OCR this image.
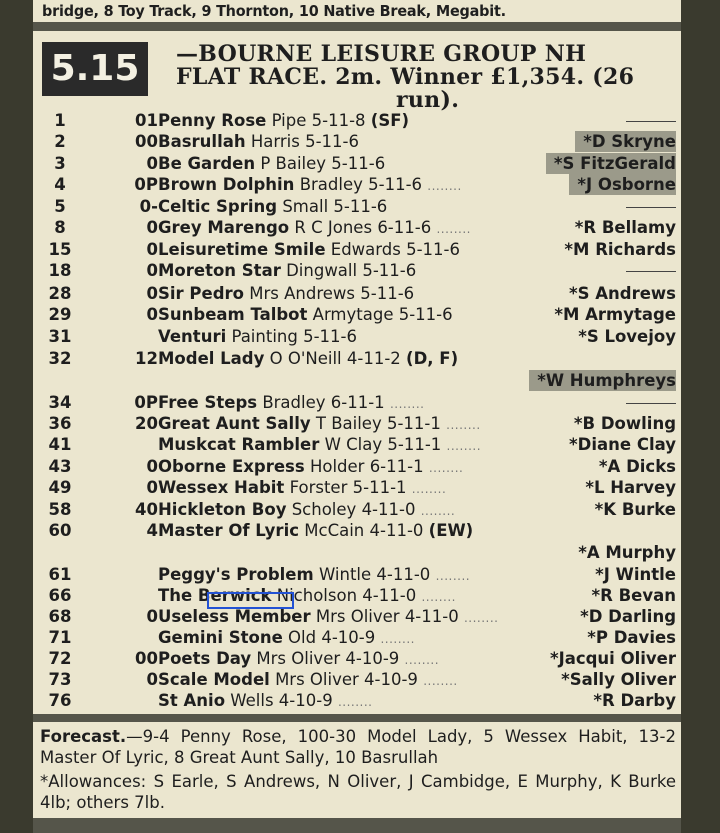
bridge, 8 Toy Track, 9 Thornton, 10 Native Break, Megabit.
5.15	—BOURNE LEISURE GROUP NH
FLAT RACE. 2m. Winner £1,354. (26

run).
1	01 Penny Rose Pipe 5-11-8 (SF)
2	00 Basrullah Harris 5-11-6	*D Skryne
3	0 Be Garden P Bailey 5-11-6	*S FitzGerald
4	0P Brown Dolphin Bradley 5-11-6 ........	*J Osborne
5	0- Celtic Spring Small 5-11-6
8	0 Grey Marengo R C Jones 6-11-6 ........	*R Bellamy
15	0 Leisuretime Smile Edwards 5-11-6	*M Richards
18	0 Moreton Star Dingwall 5-11-6
28	0 Sir Pedro Mrs Andrews 5-11-6	*S Andrews
29	0 Sunbeam Talbot Armytage 5-11-6	*M Armytage
31	Venturi Painting 5-11-6	*S Lovejoy
32	12 Model Lady O O'Neill 4-11-2 (D, F)
*W Humphreys
34	0P Free Steps Bradley 6-11-1 ........
36	20 Great Aunt Sally T Bailey 5-11-1 ........	*B Dowling
41	Muskcat Rambler W Clay 5-11-1 ........	*Diane Clay
43	0 Oborne Express Holder 6-11-1 ........	*A Dicks
49	0 Wessex Habit Forster 5-11-1 ........	*L Harvey
58	40 Hickleton Boy Scholey 4-11-0 ........	*K Burke
60	4 Master Of Lyric McCain 4-11-0 (EW)
*A Murphy
61	Peggy's Problem Wintle 4-11-0 ........	*J Wintle
66	The Berwick Nicholson 4-11-0 ........	*R Bevan
68	0 Useless Member Mrs Oliver 4-11-0 ........	*D Darling
71	Gemini Stone Old 4-10-9 ........	*P Davies
72	00 Poets Day Mrs Oliver 4-10-9 ........	*Jacqui Oliver
73	0 Scale Model Mrs Oliver 4-10-9 ........	*Sally Oliver
76	St Anio Wells 4-10-9 ........	*R Darby
Forecast.—9-4 Penny Rose, 100-30 Model Lady, 5 Wessex Habit, 13-2 Master Of Lyric, 8 Great Aunt Sally, 10 Basrullah
*Allowances: S Earle, S Andrews, N Oliver, J Cambidge, E Murphy, K Burke 4lb; others 7lb.
